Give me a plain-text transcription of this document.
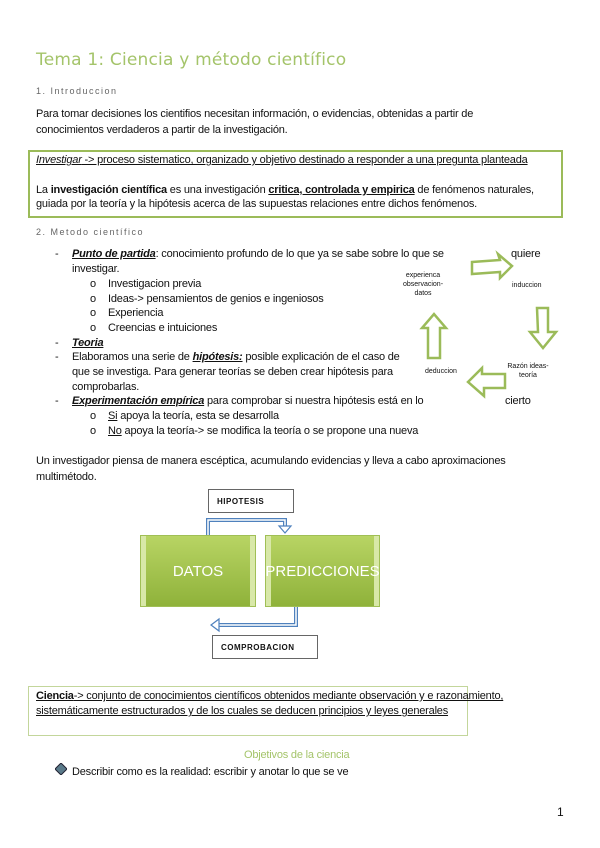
Tema 1: Ciencia y método científico
1. Introduccion
Para tomar decisiones los cientifios necesitan información, o evidencias, obtenidas a partir de
conocimientos verdaderos a partir de la investigación.
Investigar -> proceso sistematico, organizado y objetivo destinado a responder a una pregunta planteada
La investigación científica es una investigación critica, controlada y empirica de fenómenos naturales,
guiada por la teoría y la hipótesis acerca de las supuestas relaciones entre dichos fenómenos.
2. Metodo científico
- Punto de partida: conocimiento profundo de lo que ya se sabe sobre lo que se	quiere
investigar.
o Investigacion previa
o Ideas-> pensamientos de genios e ingeniosos
o Experiencia
o Creencias e intuiciones
- Teoria
- Elaboramos una serie de hipótesis: posible explicación de el caso de
que se investiga. Para generar teorías se deben crear hipótesis para
comprobarlas.
- Experimentación empírica para comprobar si nuestra hipótesis está en lo	cierto
o Si apoya la teoría, esta se desarrolla
o No apoya la teoría-> se modifica la teoría o se propone una nueva
experienca observacion-datos
induccion
Razón ideas-teoría
deduccion
Un investigador piensa de manera escéptica, acumulando evidencias y lleva a cabo aproximaciones
multimétodo.
HIPOTESIS
DATOS	PREDICCIONES
COMPROBACION
Ciencia-> conjunto de conocimientos científicos obtenidos mediante observación y e razonamiento,
sistemáticamente estructurados y de los cuales se deducen principios y leyes generales
Objetivos de la ciencia
Describir como es la realidad: escribir y anotar lo que se ve
1
